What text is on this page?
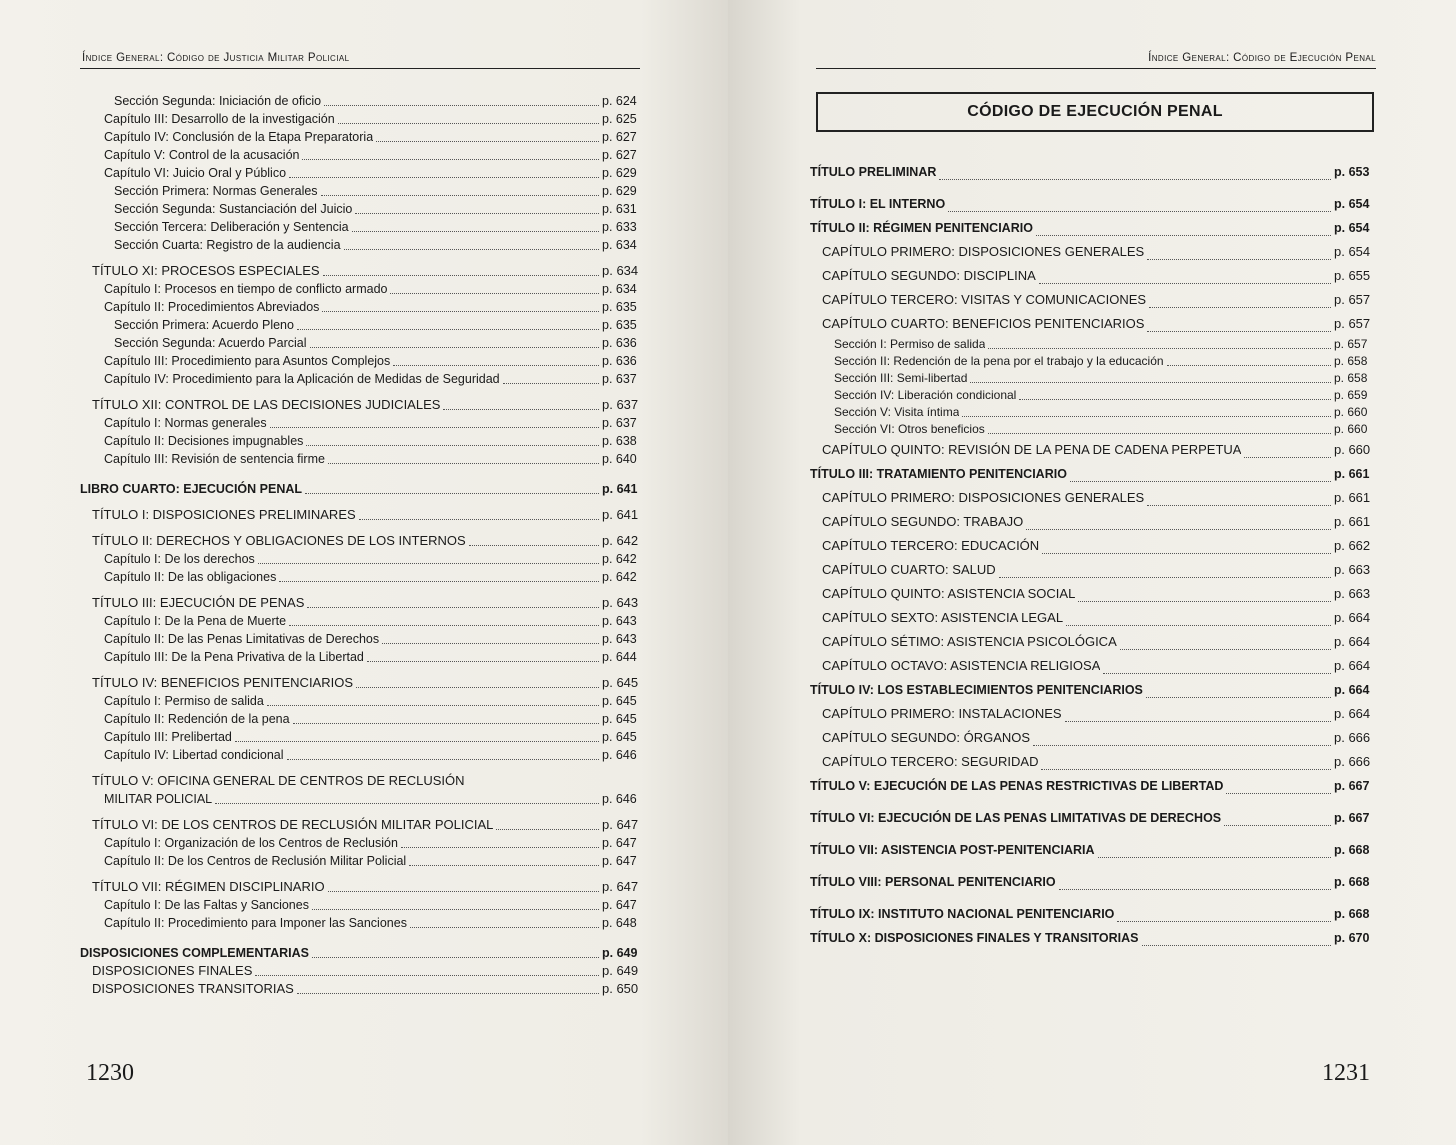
Índice General: Código de Justicia Militar Policial
Sección Segunda: Iniciación de oficio	p. 624
Capítulo III: Desarrollo de la investigación	p. 625
Capítulo IV: Conclusión de la Etapa Preparatoria	p. 627
Capítulo V: Control de la acusación	p. 627
Capítulo VI: Juicio Oral y Público	p. 629
Sección Primera: Normas Generales	p. 629
Sección Segunda: Sustanciación del Juicio	p. 631
Sección Tercera: Deliberación y Sentencia	p. 633
Sección Cuarta: Registro de la audiencia	p. 634
TÍTULO XI: PROCESOS ESPECIALES	p. 634
Capítulo I: Procesos en tiempo de conflicto armado	p. 634
Capítulo II: Procedimientos Abreviados	p. 635
Sección Primera: Acuerdo Pleno	p. 635
Sección Segunda: Acuerdo Parcial	p. 636
Capítulo III: Procedimiento para Asuntos Complejos	p. 636
Capítulo IV: Procedimiento para la Aplicación de Medidas de Seguridad	p. 637
TÍTULO XII: CONTROL DE LAS DECISIONES JUDICIALES	p. 637
Capítulo I: Normas generales	p. 637
Capítulo II: Decisiones impugnables	p. 638
Capítulo III: Revisión de sentencia firme	p. 640
LIBRO CUARTO: EJECUCIÓN PENAL	p. 641
TÍTULO I: DISPOSICIONES PRELIMINARES	p. 641
TÍTULO II: DERECHOS Y OBLIGACIONES DE LOS INTERNOS	p. 642
Capítulo I: De los derechos	p. 642
Capítulo II: De las obligaciones	p. 642
TÍTULO III: EJECUCIÓN DE PENAS	p. 643
Capítulo I: De la Pena de Muerte	p. 643
Capítulo II: De las Penas Limitativas de Derechos	p. 643
Capítulo III: De la Pena Privativa de la Libertad	p. 644
TÍTULO IV: BENEFICIOS PENITENCIARIOS	p. 645
Capítulo I: Permiso de salida	p. 645
Capítulo II: Redención de la pena	p. 645
Capítulo III: Prelibertad	p. 645
Capítulo IV: Libertad condicional	p. 646
TÍTULO V: OFICINA GENERAL DE CENTROS DE RECLUSIÓN
MILITAR POLICIAL	p. 646
TÍTULO VI: DE LOS CENTROS DE RECLUSIÓN MILITAR POLICIAL	p. 647
Capítulo I: Organización de los Centros de Reclusión	p. 647
Capítulo II: De los Centros de Reclusión Militar Policial	p. 647
TÍTULO VII: RÉGIMEN DISCIPLINARIO	p. 647
Capítulo I: De las Faltas y Sanciones	p. 647
Capítulo II: Procedimiento para Imponer las Sanciones	p. 648
DISPOSICIONES COMPLEMENTARIAS	p. 649
DISPOSICIONES FINALES	p. 649
DISPOSICIONES TRANSITORIAS	p. 650
1230
Índice General: Código de Ejecución Penal
CÓDIGO DE EJECUCIÓN PENAL
TÍTULO PRELIMINAR	p. 653
TÍTULO I: EL INTERNO	p. 654
TÍTULO II: RÉGIMEN PENITENCIARIO	p. 654
CAPÍTULO PRIMERO: DISPOSICIONES GENERALES	p. 654
CAPÍTULO SEGUNDO: DISCIPLINA	p. 655
CAPÍTULO TERCERO: VISITAS Y COMUNICACIONES	p. 657
CAPÍTULO CUARTO: BENEFICIOS PENITENCIARIOS	p. 657
Sección I: Permiso de salida	p. 657
Sección II: Redención de la pena por el trabajo y la educación	p. 658
Sección III: Semi-libertad	p. 658
Sección IV: Liberación condicional	p. 659
Sección V: Visita íntima	p. 660
Sección VI: Otros beneficios	p. 660
CAPÍTULO QUINTO: REVISIÓN DE LA PENA DE CADENA PERPETUA	p. 660
TÍTULO III: TRATAMIENTO PENITENCIARIO	p. 661
CAPÍTULO PRIMERO: DISPOSICIONES GENERALES	p. 661
CAPÍTULO SEGUNDO: TRABAJO	p. 661
CAPÍTULO TERCERO: EDUCACIÓN	p. 662
CAPÍTULO CUARTO: SALUD	p. 663
CAPÍTULO QUINTO: ASISTENCIA SOCIAL	p. 663
CAPÍTULO SEXTO: ASISTENCIA LEGAL	p. 664
CAPÍTULO SÉTIMO: ASISTENCIA PSICOLÓGICA	p. 664
CAPÍTULO OCTAVO: ASISTENCIA RELIGIOSA	p. 664
TÍTULO IV: LOS ESTABLECIMIENTOS PENITENCIARIOS	p. 664
CAPÍTULO PRIMERO: INSTALACIONES	p. 664
CAPÍTULO SEGUNDO: ÓRGANOS	p. 666
CAPÍTULO TERCERO: SEGURIDAD	p. 666
TÍTULO V: EJECUCIÓN DE LAS PENAS RESTRICTIVAS DE LIBERTAD	p. 667
TÍTULO VI: EJECUCIÓN DE LAS PENAS LIMITATIVAS DE DERECHOS	p. 667
TÍTULO VII: ASISTENCIA POST-PENITENCIARIA	p. 668
TÍTULO VIII: PERSONAL PENITENCIARIO	p. 668
TÍTULO IX: INSTITUTO NACIONAL PENITENCIARIO	p. 668
TÍTULO X: DISPOSICIONES FINALES Y TRANSITORIAS	p. 670
1231
